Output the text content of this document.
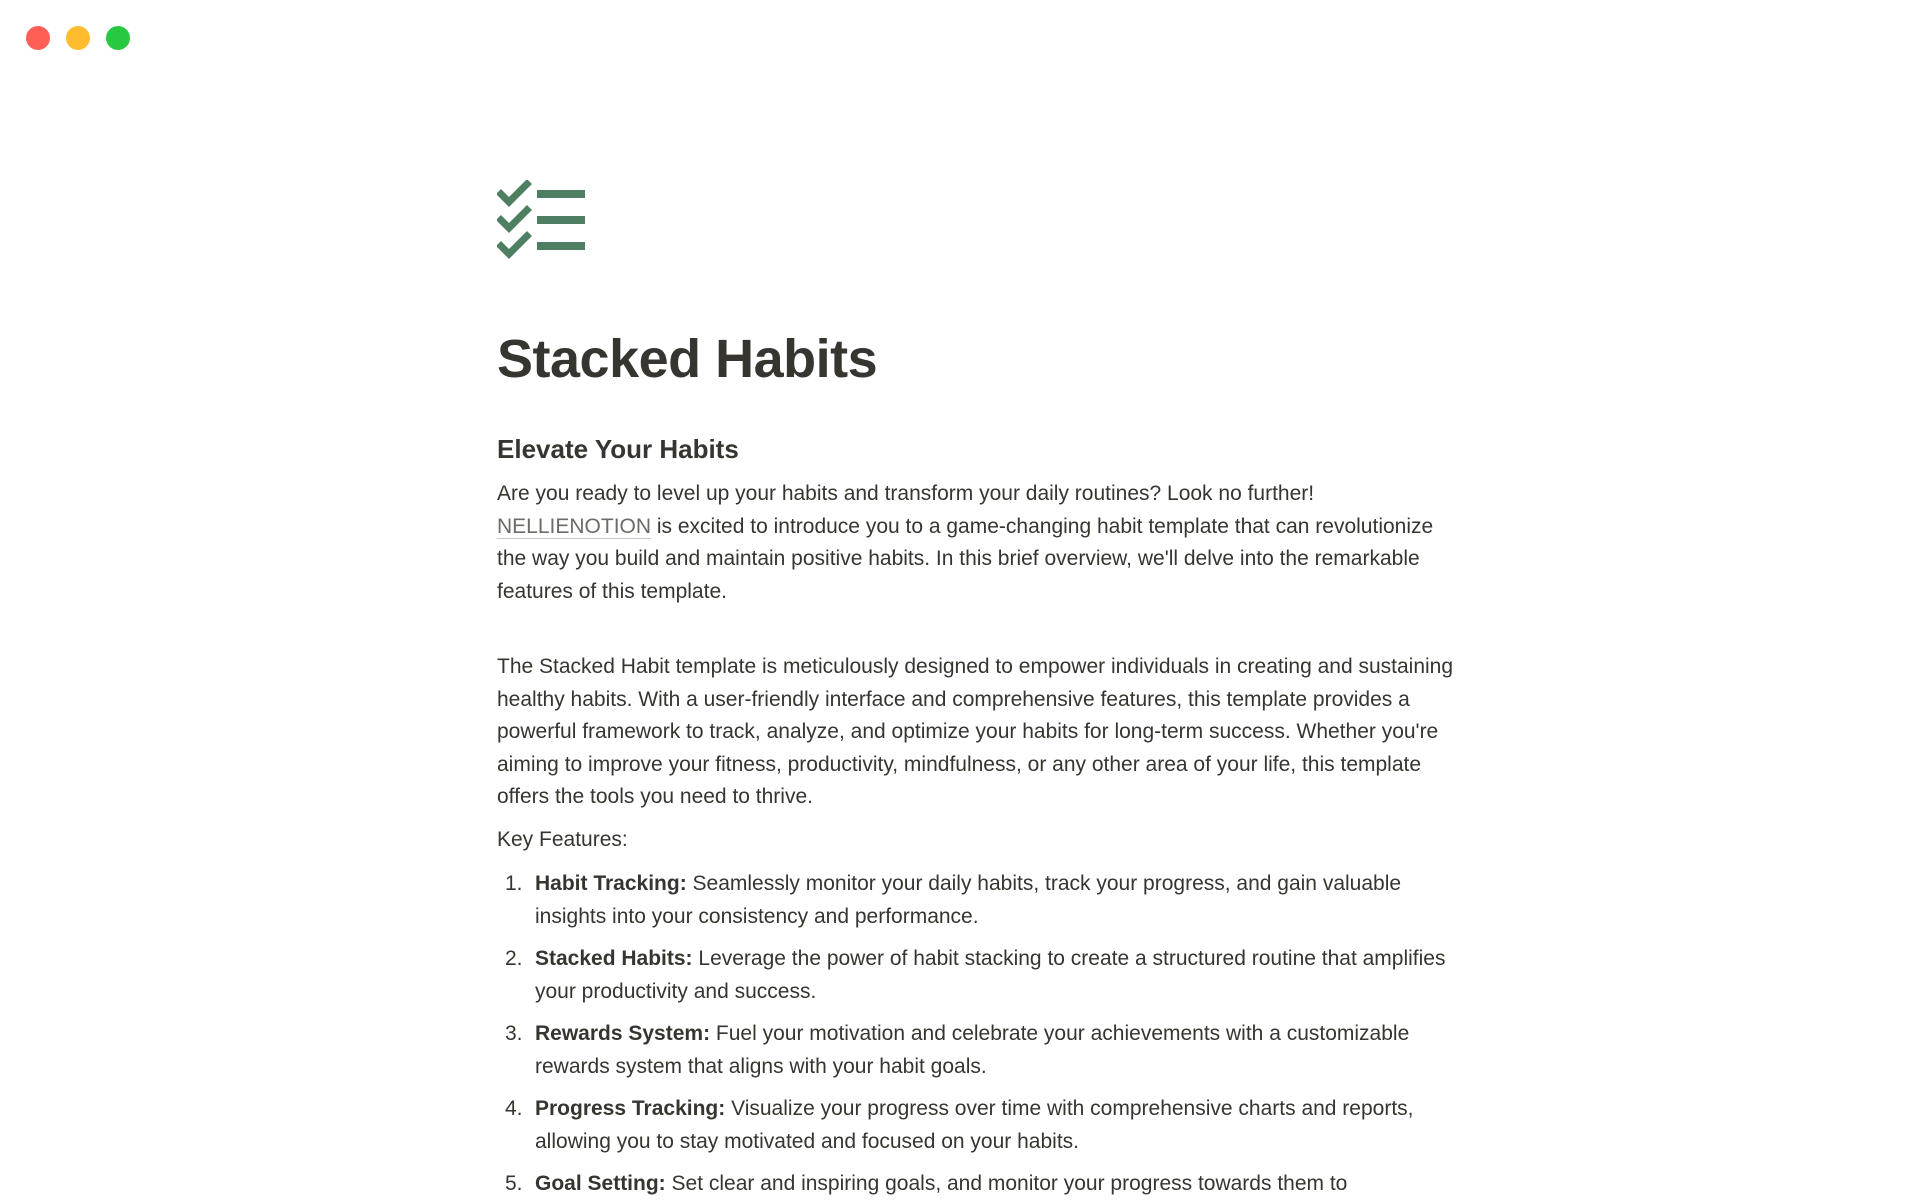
Stacked Habits
Elevate Your Habits

Are you ready to level up your habits and transform your daily routines? Look no further! NELLIENOTION is excited to introduce you to a game-changing habit template that can revolutionize the way you build and maintain positive habits. In this brief overview, we'll delve into the remarkable features of this template.

The Stacked Habit template is meticulously designed to empower individuals in creating and sustaining healthy habits. With a user-friendly interface and comprehensive features, this template provides a powerful framework to track, analyze, and optimize your habits for long-term success. Whether you're aiming to improve your fitness, productivity, mindfulness, or any other area of your life, this template offers the tools you need to thrive.

Key Features:

1. Habit Tracking: Seamlessly monitor your daily habits, track your progress, and gain valuable insights into your consistency and performance.
2. Stacked Habits: Leverage the power of habit stacking to create a structured routine that amplifies your productivity and success.
3. Rewards System: Fuel your motivation and celebrate your achievements with a customizable rewards system that aligns with your habit goals.
4. Progress Tracking: Visualize your progress over time with comprehensive charts and reports, allowing you to stay motivated and focused on your habits.
5. Goal Setting: Set clear and inspiring goals, and monitor your progress towards them to
